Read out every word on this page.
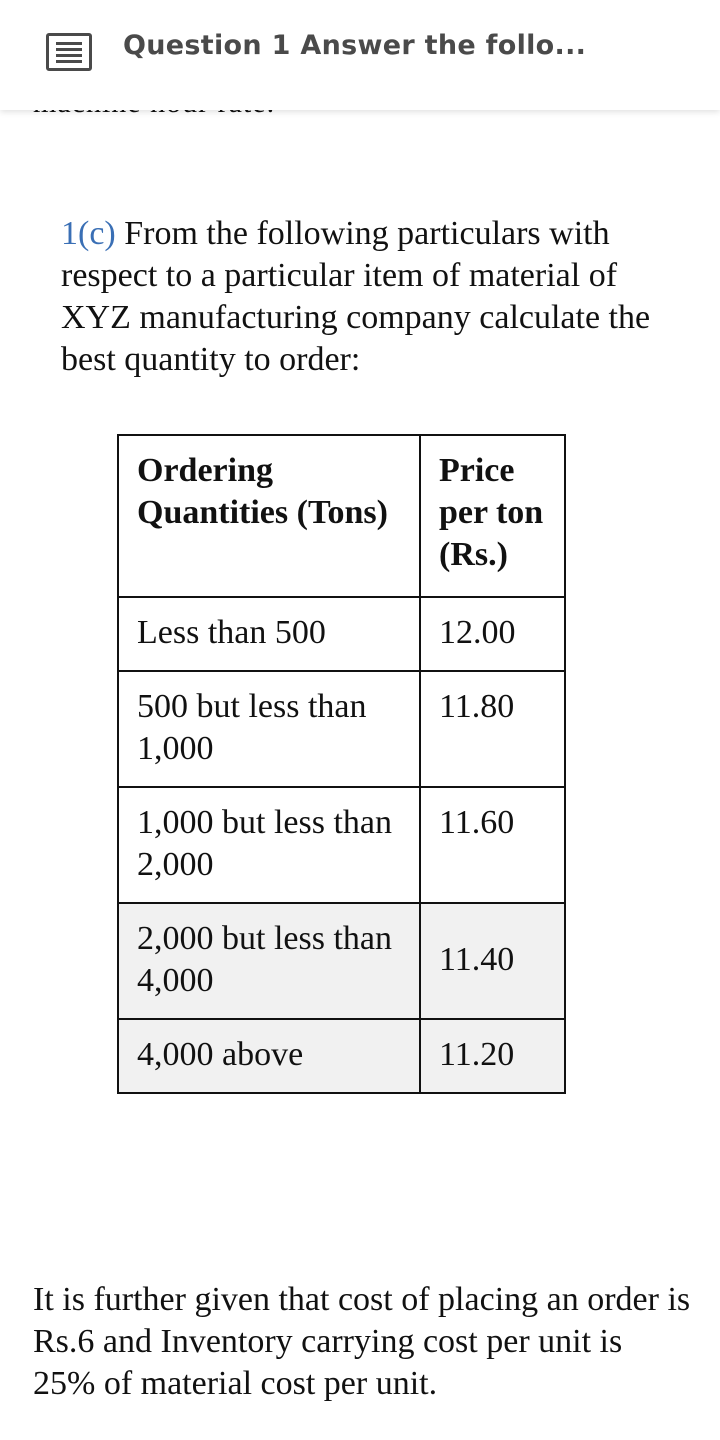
Question 1 Answer the follo...
1(c) From the following particulars with respect to a particular item of material of XYZ manufacturing company calculate the best quantity to order:
Ordering Quantities (Tons)	Price per ton (Rs.)
Less than 500	12.00
500 but less than 1,000	11.80
1,000 but less than 2,000	11.60
2,000 but less than 4,000	11.40
4,000 above	11.20
It is further given that cost of placing an order is Rs.6 and Inventory carrying cost per unit is 25% of material cost per unit.
